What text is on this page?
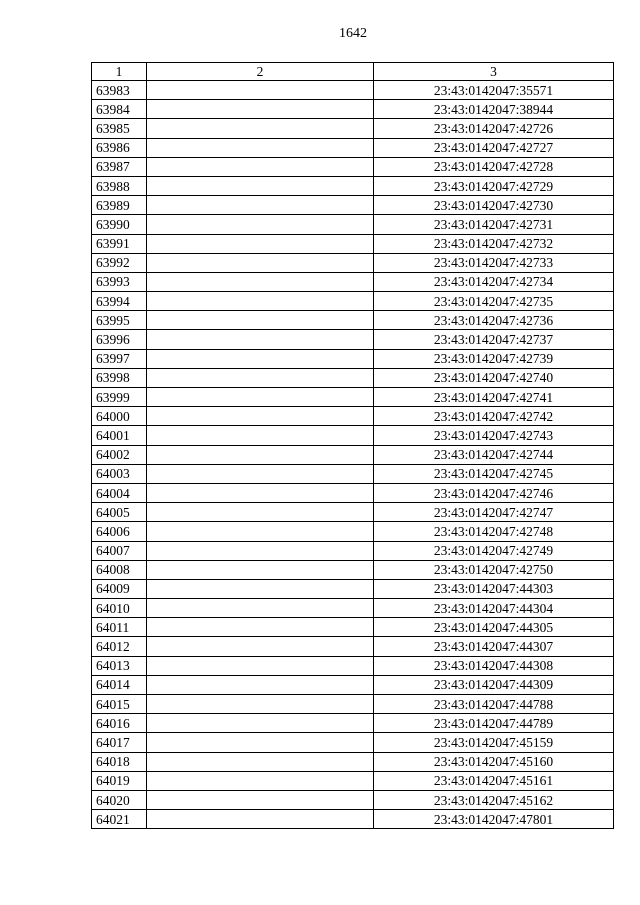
1642
1	2	3
63983		23:43:0142047:35571
63984		23:43:0142047:38944
63985		23:43:0142047:42726
63986		23:43:0142047:42727
63987		23:43:0142047:42728
63988		23:43:0142047:42729
63989		23:43:0142047:42730
63990		23:43:0142047:42731
63991		23:43:0142047:42732
63992		23:43:0142047:42733
63993		23:43:0142047:42734
63994		23:43:0142047:42735
63995		23:43:0142047:42736
63996		23:43:0142047:42737
63997		23:43:0142047:42739
63998		23:43:0142047:42740
63999		23:43:0142047:42741
64000		23:43:0142047:42742
64001		23:43:0142047:42743
64002		23:43:0142047:42744
64003		23:43:0142047:42745
64004		23:43:0142047:42746
64005		23:43:0142047:42747
64006		23:43:0142047:42748
64007		23:43:0142047:42749
64008		23:43:0142047:42750
64009		23:43:0142047:44303
64010		23:43:0142047:44304
64011		23:43:0142047:44305
64012		23:43:0142047:44307
64013		23:43:0142047:44308
64014		23:43:0142047:44309
64015		23:43:0142047:44788
64016		23:43:0142047:44789
64017		23:43:0142047:45159
64018		23:43:0142047:45160
64019		23:43:0142047:45161
64020		23:43:0142047:45162
64021		23:43:0142047:47801
